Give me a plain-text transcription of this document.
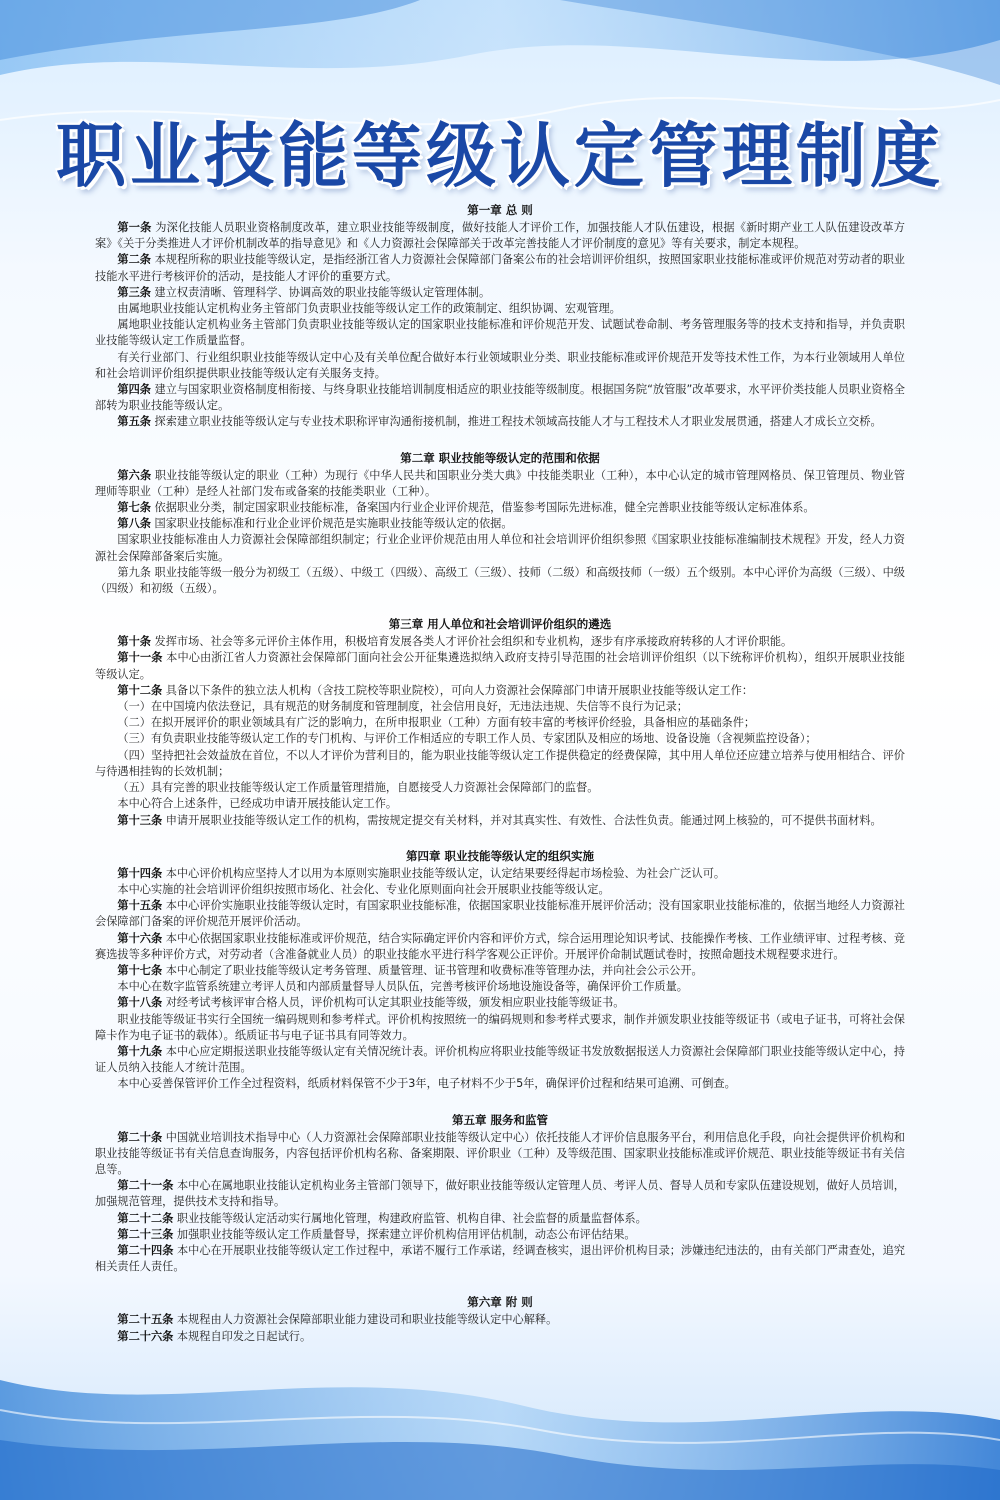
职业技能等级认定管理制度
第一章 总 则

第一条 为深化技能人员职业资格制度改革，建立职业技能等级制度，做好技能人才评价工作，加强技能人才队伍建设，根据《新时期产业工人队伍建设改革方案》《关于分类推进人才评价机制改革的指导意见》和《人力资源社会保障部关于改革完善技能人才评价制度的意见》等有关要求，制定本规程。

第二条 本规程所称的职业技能等级认定，是指经浙江省人力资源社会保障部门备案公布的社会培训评价组织，按照国家职业技能标准或评价规范对劳动者的职业技能水平进行考核评价的活动，是技能人才评价的重要方式。

第三条 建立权责清晰、管理科学、协调高效的职业技能等级认定管理体制。

由属地职业技能认定机构业务主管部门负责职业技能等级认定工作的政策制定、组织协调、宏观管理。

属地职业技能认定机构业务主管部门负责职业技能等级认定的国家职业技能标准和评价规范开发、试题试卷命制、考务管理服务等的技术支持和指导，并负责职业技能等级认定工作质量监督。

有关行业部门、行业组织职业技能等级认定中心及有关单位配合做好本行业领域职业分类、职业技能标准或评价规范开发等技术性工作，为本行业领域用人单位和社会培训评价组织提供职业技能等级认定有关服务支持。

第四条 建立与国家职业资格制度相衔接、与终身职业技能培训制度相适应的职业技能等级制度。根据国务院“放管服”改革要求，水平评价类技能人员职业资格全部转为职业技能等级认定。

第五条 探索建立职业技能等级认定与专业技术职称评审沟通衔接机制，推进工程技术领域高技能人才与工程技术人才职业发展贯通，搭建人才成长立交桥。

第二章 职业技能等级认定的范围和依据

第六条 职业技能等级认定的职业（工种）为现行《中华人民共和国职业分类大典》中技能类职业（工种），本中心认定的城市管理网格员、保卫管理员、物业管理师等职业（工种）是经人社部门发布或备案的技能类职业（工种）。

第七条 依据职业分类，制定国家职业技能标准，备案国内行业企业评价规范，借鉴参考国际先进标准，健全完善职业技能等级认定标准体系。

第八条 国家职业技能标准和行业企业评价规范是实施职业技能等级认定的依据。

国家职业技能标准由人力资源社会保障部组织制定；行业企业评价规范由用人单位和社会培训评价组织参照《国家职业技能标准编制技术规程》开发，经人力资源社会保障部备案后实施。

第九条 职业技能等级一般分为初级工（五级）、中级工（四级）、高级工（三级）、技师（二级）和高级技师（一级）五个级别。本中心评价为高级（三级）、中级（四级）和初级（五级）。

第三章 用人单位和社会培训评价组织的遴选

第十条 发挥市场、社会等多元评价主体作用，积极培育发展各类人才评价社会组织和专业机构，逐步有序承接政府转移的人才评价职能。

第十一条 本中心由浙江省人力资源社会保障部门面向社会公开征集遴选拟纳入政府支持引导范围的社会培训评价组织（以下统称评价机构），组织开展职业技能等级认定。

第十二条 具备以下条件的独立法人机构（含技工院校等职业院校），可向人力资源社会保障部门申请开展职业技能等级认定工作：

（一）在中国境内依法登记，具有规范的财务制度和管理制度，社会信用良好，无违法违规、失信等不良行为记录；

（二）在拟开展评价的职业领域具有广泛的影响力，在所申报职业（工种）方面有较丰富的考核评价经验，具备相应的基础条件；

（三）有负责职业技能等级认定工作的专门机构、与评价工作相适应的专职工作人员、专家团队及相应的场地、设备设施（含视频监控设备）；

（四）坚持把社会效益放在首位，不以人才评价为营利目的，能为职业技能等级认定工作提供稳定的经费保障，其中用人单位还应建立培养与使用相结合、评价与待遇相挂钩的长效机制；

（五）具有完善的职业技能等级认定工作质量管理措施，自愿接受人力资源社会保障部门的监督。

本中心符合上述条件，已经成功申请开展技能认定工作。

第十三条 申请开展职业技能等级认定工作的机构，需按规定提交有关材料，并对其真实性、有效性、合法性负责。能通过网上核验的，可不提供书面材料。

第四章 职业技能等级认定的组织实施

第十四条 本中心评价机构应坚持人才以用为本原则实施职业技能等级认定，认定结果要经得起市场检验、为社会广泛认可。

本中心实施的社会培训评价组织按照市场化、社会化、专业化原则面向社会开展职业技能等级认定。

第十五条 本中心评价实施职业技能等级认定时，有国家职业技能标准，依据国家职业技能标准开展评价活动；没有国家职业技能标准的，依据当地经人力资源社会保障部门备案的评价规范开展评价活动。

第十六条 本中心依据国家职业技能标准或评价规范，结合实际确定评价内容和评价方式，综合运用理论知识考试、技能操作考核、工作业绩评审、过程考核、竞赛选拔等多种评价方式，对劳动者（含准备就业人员）的职业技能水平进行科学客观公正评价。开展评价命制试题试卷时，按照命题技术规程要求进行。

第十七条 本中心制定了职业技能等级认定考务管理、质量管理、证书管理和收费标准等管理办法，并向社会公示公开。

本中心在数字监管系统建立考评人员和内部质量督导人员队伍，完善考核评价场地设施设备等，确保评价工作质量。

第十八条 对经考试考核评审合格人员，评价机构可认定其职业技能等级，颁发相应职业技能等级证书。

职业技能等级证书实行全国统一编码规则和参考样式。评价机构按照统一的编码规则和参考样式要求，制作并颁发职业技能等级证书（或电子证书，可将社会保障卡作为电子证书的载体）。纸质证书与电子证书具有同等效力。

第十九条 本中心应定期报送职业技能等级认定有关情况统计表。评价机构应将职业技能等级证书发放数据报送人力资源社会保障部门职业技能等级认定中心，持证人员纳入技能人才统计范围。

本中心妥善保管评价工作全过程资料，纸质材料保管不少于3年，电子材料不少于5年，确保评价过程和结果可追溯、可倒查。

第五章 服务和监管

第二十条 中国就业培训技术指导中心（人力资源社会保障部职业技能等级认定中心）依托技能人才评价信息服务平台，利用信息化手段，向社会提供评价机构和职业技能等级证书有关信息查询服务，内容包括评价机构名称、备案期限、评价职业（工种）及等级范围、国家职业技能标准或评价规范、职业技能等级证书有关信息等。

第二十一条 本中心在属地职业技能认定机构业务主管部门领导下，做好职业技能等级认定管理人员、考评人员、督导人员和专家队伍建设规划，做好人员培训，加强规范管理，提供技术支持和指导。

第二十二条 职业技能等级认定活动实行属地化管理，构建政府监管、机构自律、社会监督的质量监督体系。

第二十三条 加强职业技能等级认定工作质量督导，探索建立评价机构信用评估机制，动态公布评估结果。

第二十四条 本中心在开展职业技能等级认定工作过程中，承诺不履行工作承诺，经调查核实，退出评价机构目录；涉嫌违纪违法的，由有关部门严肃查处，追究相关责任人责任。

第六章 附 则

第二十五条 本规程由人力资源社会保障部职业能力建设司和职业技能等级认定中心解释。

第二十六条 本规程自印发之日起试行。
